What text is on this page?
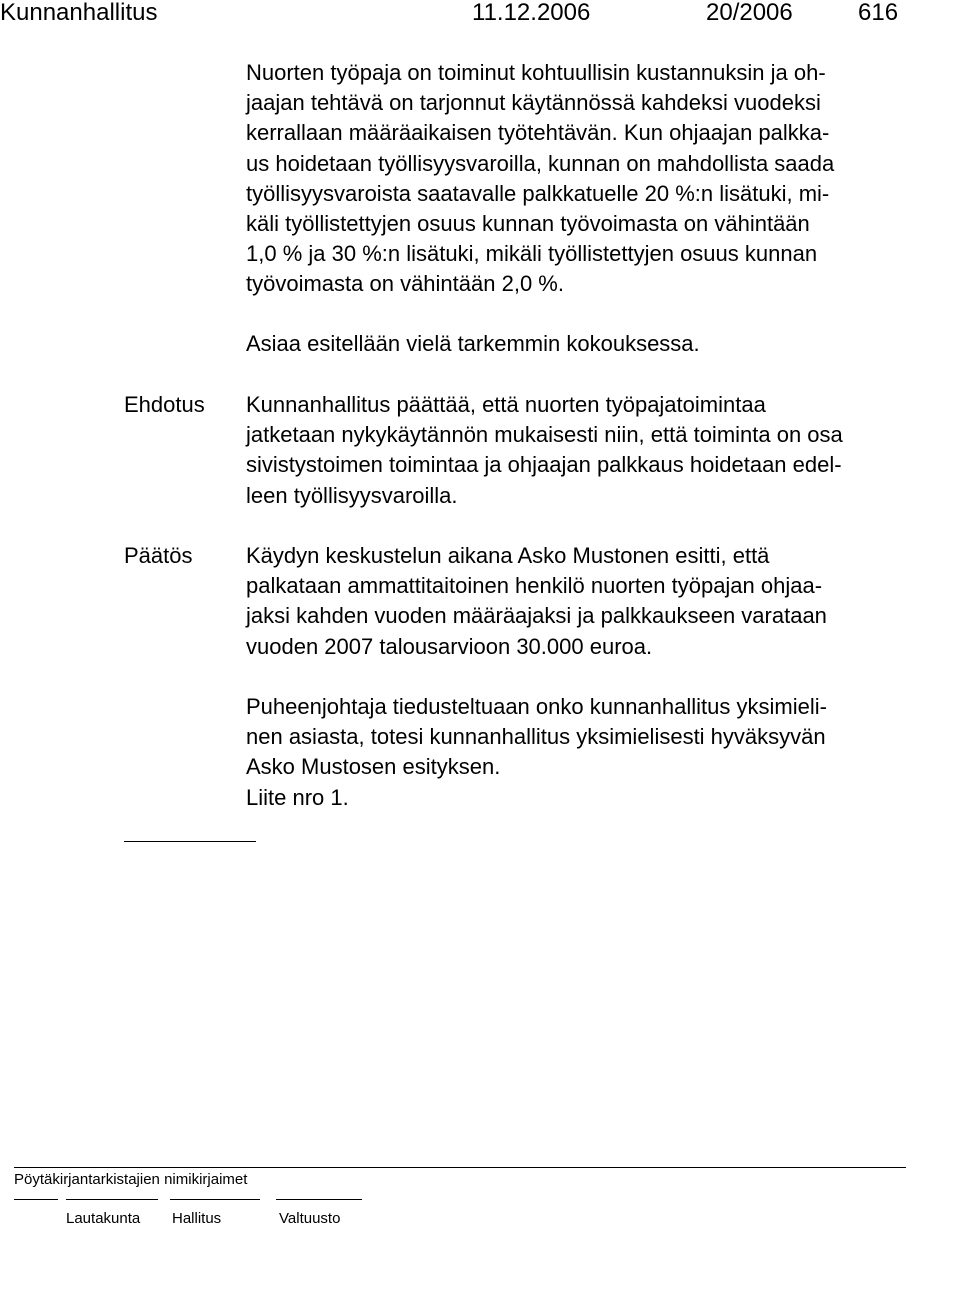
Kunnanhallitus	11.12.2006	20/2006	616
Nuorten työpaja on toiminut kohtuullisin kustannuksin ja oh-
jaajan tehtävä on tarjonnut käytännössä kahdeksi vuodeksi
kerrallaan määräaikaisen työtehtävän. Kun ohjaajan palkka-
us hoidetaan työllisyysvaroilla, kunnan on mahdollista saada
työllisyysvaroista saatavalle palkkatuelle 20 %:n lisätuki, mi-
käli työllistettyjen osuus kunnan työvoimasta on vähintään
1,0 % ja 30 %:n lisätuki, mikäli työllistettyjen osuus kunnan
työvoimasta on vähintään 2,0 %.
Asiaa esitellään vielä tarkemmin kokouksessa.
Ehdotus Kunnanhallitus päättää, että nuorten työpajatoimintaa
jatketaan nykykäytännön mukaisesti niin, että toiminta on osa
sivistystoimen toimintaa ja ohjaajan palkkaus hoidetaan edel-
leen työllisyysvaroilla.
Päätös Käydyn keskustelun aikana Asko Mustonen esitti, että
palkataan ammattitaitoinen henkilö nuorten työpajan ohjaa-
jaksi kahden vuoden määräajaksi ja palkkaukseen varataan
vuoden 2007 talousarvioon 30.000 euroa.
Puheenjohtaja tiedusteltuaan onko kunnanhallitus yksimieli-
nen asiasta, totesi kunnanhallitus yksimielisesti hyväksyvän
Asko Mustosen esityksen.
Liite nro 1.
Pöytäkirjantarkistajien nimikirjaimet
Lautakunta Hallitus	Valtuusto
